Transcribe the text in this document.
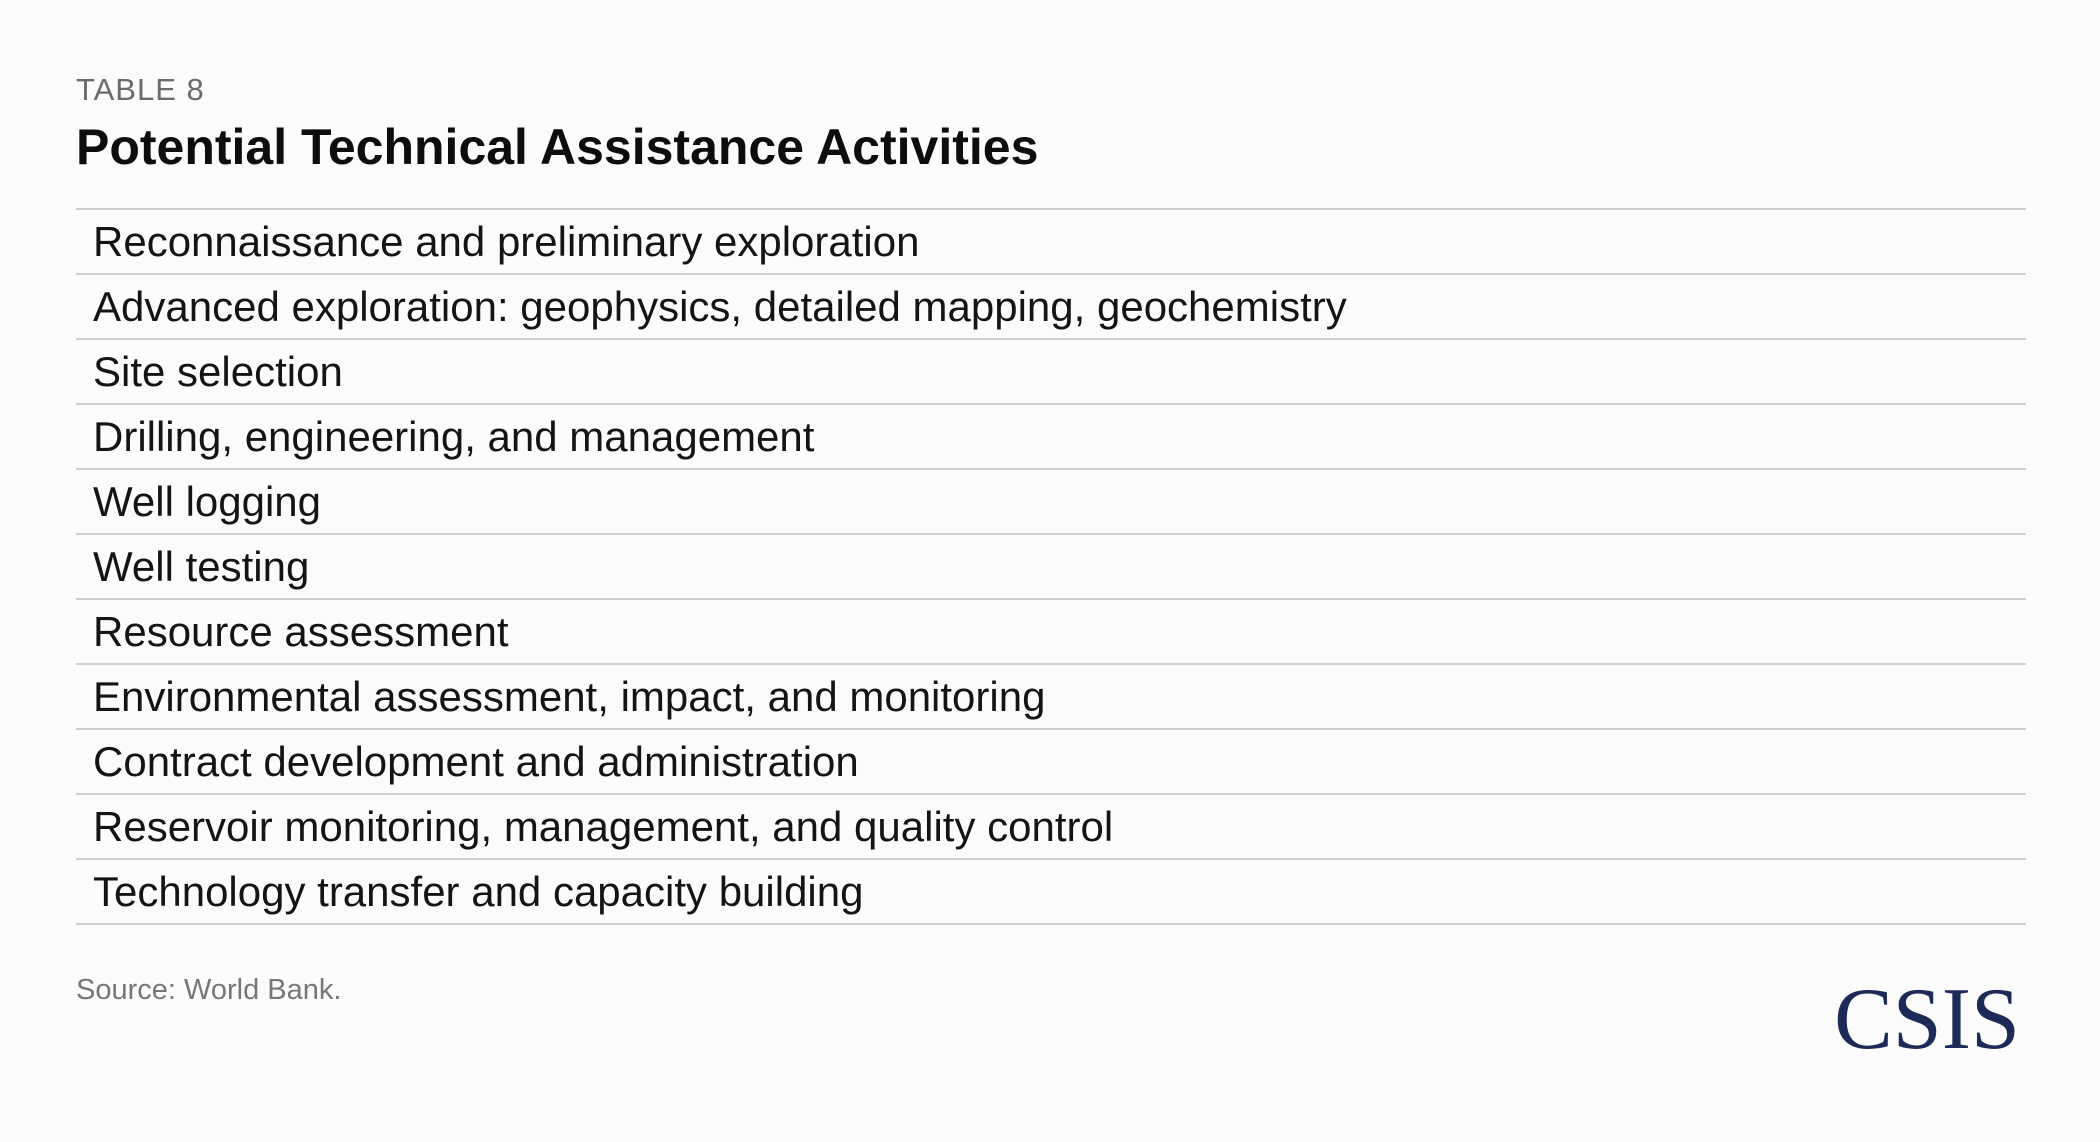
TABLE 8
Potential Technical Assistance Activities
Reconnaissance and preliminary exploration
Advanced exploration: geophysics, detailed mapping, geochemistry
Site selection
Drilling, engineering, and management
Well logging
Well testing
Resource assessment
Environmental assessment, impact, and monitoring
Contract development and administration
Reservoir monitoring, management, and quality control
Technology transfer and capacity building
Source: World Bank.	CSIS
